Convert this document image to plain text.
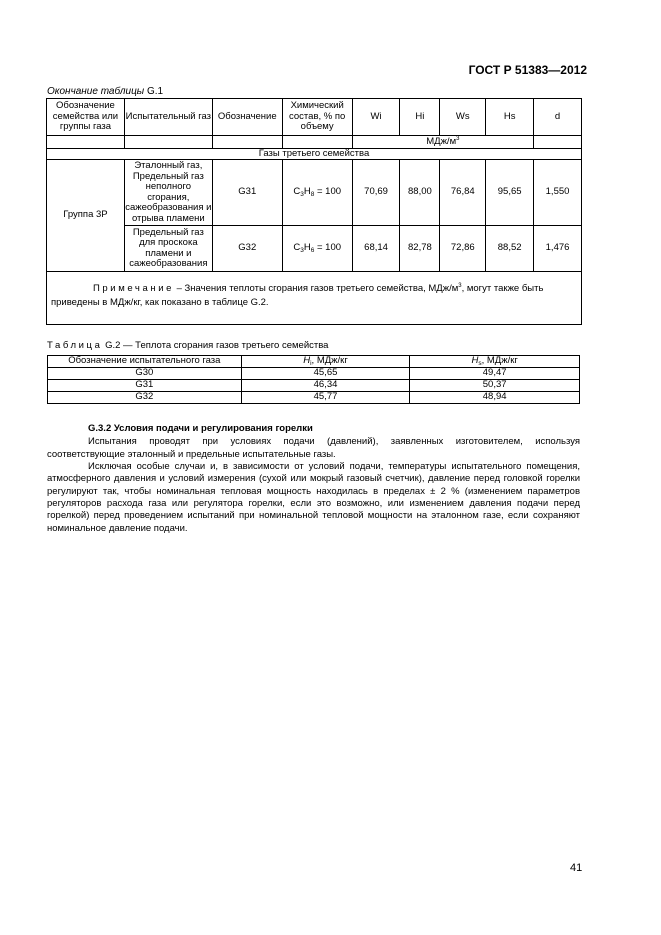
ГОСТ Р 51383—2012
Окончание таблицы G.1
Обозначение семейства или группы газа	Испытательный газ	Обозначение	Химический состав, % по объему	Wi	Hi	Ws	Hs	d
				МДж/$м^3$	
Газы третьего семейства								
Группа 3Р	Эталонный газ, Предельный газ неполного сгорания, сажеобразования и отрыва пламени	G31	$C_3H_8 = 100$	70,69	88,00	76,84	95,65	1,550
	Предельный газ для проскока пламени и сажеобразования	G32	$C_3H_6 = 100$	68,14	82,78	72,86	88,52	1,476
Примечание – Значения теплоты сгорания газов третьего семейства, МДж/$м^3$, могут также быть приведены в МДж/кг, как показано в таблице G.2.								
Таблица G.2 — Теплота сгорания газов третьего семейства
Обозначение испытательного газа	$H_i$, МДж/кг	$H_s$, МДж/кг
G30	45,65	49,47
G31	46,34	50,37
G32	45,77	48,94

G.3.2 Условия подачи и регулирования горелки

Испытания проводят при условиях подачи (давлений), заявленных изготовителем, используя соответствующие эталонный и предельные испытательные газы.

Исключая особые случаи и, в зависимости от условий подачи, температуры испытательного помещения, атмосферного давления и условий измерения (сухой или мокрый газовый счетчик), давление перед головкой горелки регулируют так, чтобы номинальная тепловая мощность находилась в пределах ± 2 % (изменением параметров регуляторов расхода газа или регулятора горелки, если это возможно, или изменением давления подачи перед горелкой) перед проведением испытаний при номинальной тепловой мощности на эталонном газе, если сохраняют номинальное давление подачи.

41
